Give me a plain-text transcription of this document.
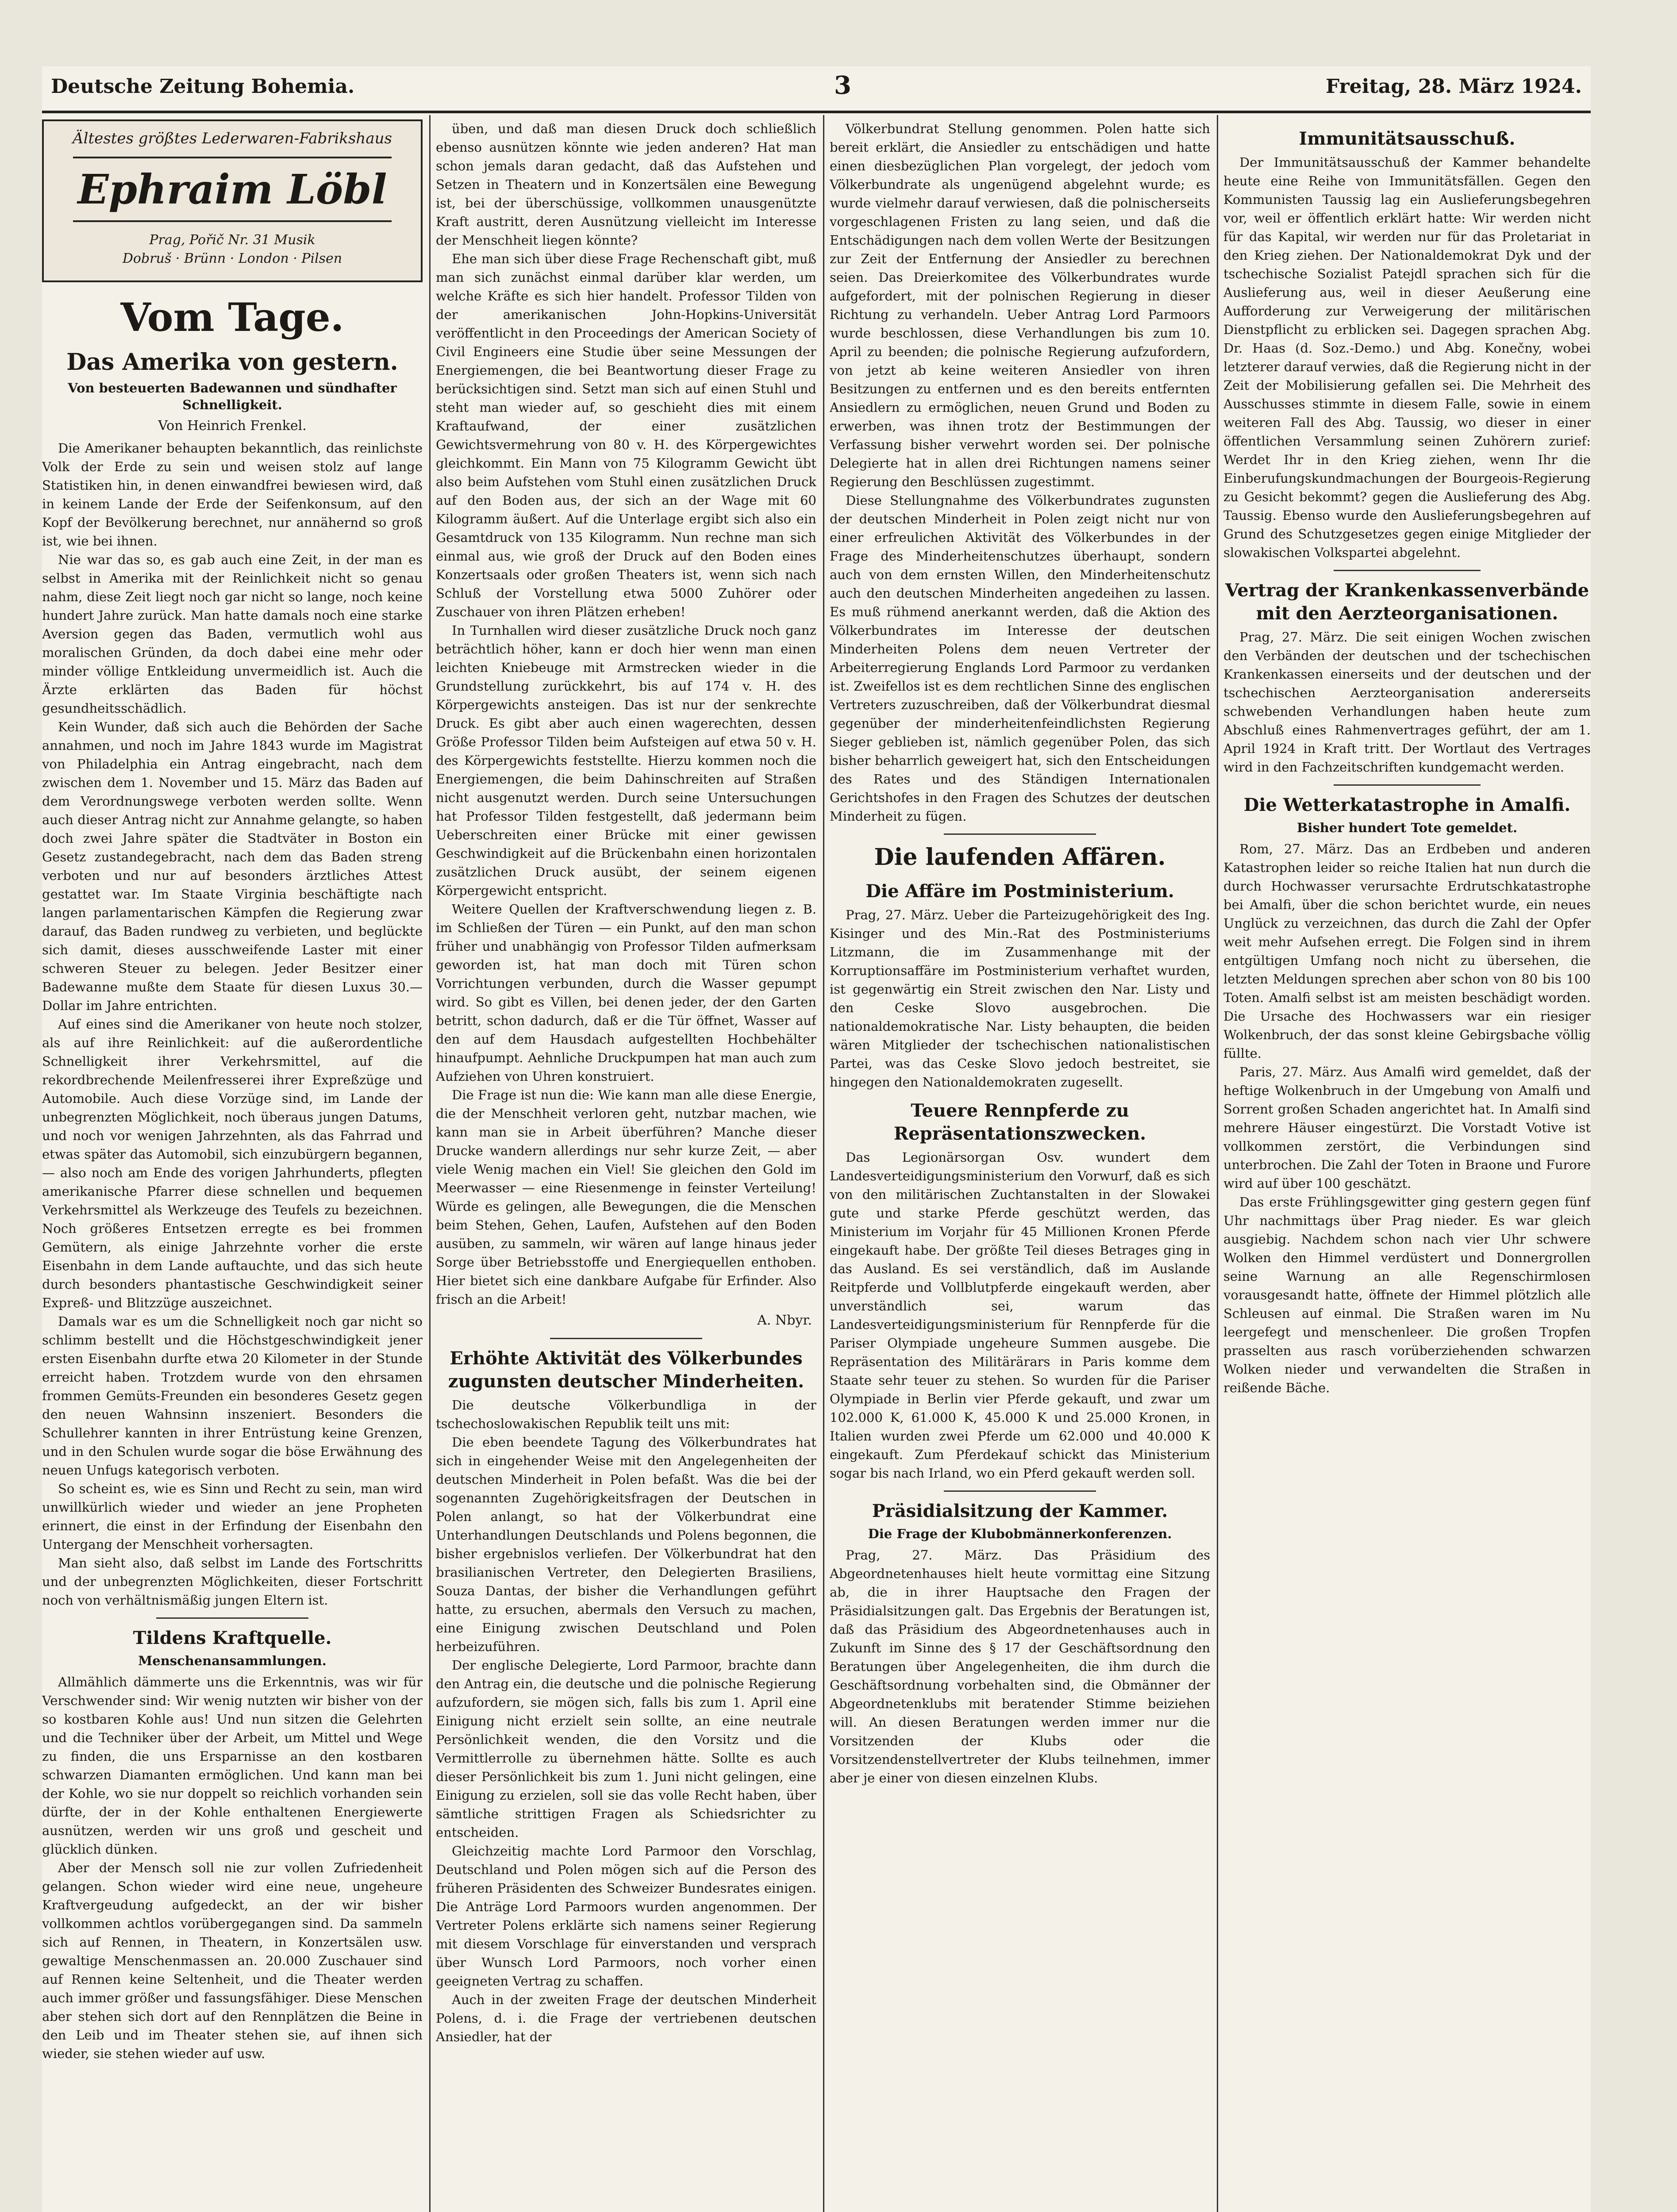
Deutsche Zeitung Bohemia.	3	Freitag, 28. März 1924.
Ältestes größtes Lederwaren-Fabrikshaus
Ephraim Löbl
Prag, Pořič Nr. 31 Musik
Dobruš · Brünn · London · Pilsen
Vom Tage.
Das Amerika von gestern.
Von besteuerten Badewannen und sündhafter Schnelligkeit.
Von Heinrich Frenkel.

Die Amerikaner behaupten bekanntlich, das reinlichste Volk der Erde zu sein und weisen stolz auf lange Statistiken hin, in denen einwandfrei bewiesen wird, daß in keinem Lande der Erde der Seifenkonsum, auf den Kopf der Bevölkerung berechnet, nur annähernd so groß ist, wie bei ihnen.

Nie war das so, es gab auch eine Zeit, in der man es selbst in Amerika mit der Reinlichkeit nicht so genau nahm, diese Zeit liegt noch gar nicht so lange, noch keine hundert Jahre zurück. Man hatte damals noch eine starke Aversion gegen das Baden, vermutlich wohl aus moralischen Gründen, da doch dabei eine mehr oder minder völlige Entkleidung unvermeidlich ist. Auch die Ärzte erklärten das Baden für höchst gesundheitsschädlich.

Kein Wunder, daß sich auch die Behörden der Sache annahmen, und noch im Jahre 1843 wurde im Magistrat von Philadelphia ein Antrag eingebracht, nach dem zwischen dem 1. November und 15. März das Baden auf dem Verordnungswege verboten werden sollte. Wenn auch dieser Antrag nicht zur Annahme gelangte, so haben doch zwei Jahre später die Stadtväter in Boston ein Gesetz zustandegebracht, nach dem das Baden streng verboten und nur auf besonders ärztliches Attest gestattet war. Im Staate Virginia beschäftigte nach langen parlamentarischen Kämpfen die Regierung zwar darauf, das Baden rundweg zu verbieten, und beglückte sich damit, dieses ausschweifende Laster mit einer schweren Steuer zu belegen. Jeder Besitzer einer Badewanne mußte dem Staate für diesen Luxus 30.— Dollar im Jahre entrichten.

Auf eines sind die Amerikaner von heute noch stolzer, als auf ihre Reinlichkeit: auf die außerordentliche Schnelligkeit ihrer Verkehrsmittel, auf die rekordbrechende Meilenfresserei ihrer Expreßzüge und Automobile. Auch diese Vorzüge sind, im Lande der unbegrenzten Möglichkeit, noch überaus jungen Datums, und noch vor wenigen Jahrzehnten, als das Fahrrad und etwas später das Automobil, sich einzubürgern begannen, — also noch am Ende des vorigen Jahrhunderts, pflegten amerikanische Pfarrer diese schnellen und bequemen Verkehrsmittel als Werkzeuge des Teufels zu bezeichnen. Noch größeres Entsetzen erregte es bei frommen Gemütern, als einige Jahrzehnte vorher die erste Eisenbahn in dem Lande auftauchte, und das sich heute durch besonders phantastische Geschwindigkeit seiner Expreß- und Blitzzüge auszeichnet.

Damals war es um die Schnelligkeit noch gar nicht so schlimm bestellt und die Höchstgeschwindigkeit jener ersten Eisenbahn durfte etwa 20 Kilometer in der Stunde erreicht haben. Trotzdem wurde von den ehrsamen frommen Gemüts-Freunden ein besonderes Gesetz gegen den neuen Wahnsinn inszeniert. Besonders die Schullehrer kannten in ihrer Entrüstung keine Grenzen, und in den Schulen wurde sogar die böse Erwähnung des neuen Unfugs kategorisch verboten.

So scheint es, wie es Sinn und Recht zu sein, man wird unwillkürlich wieder und wieder an jene Propheten erinnert, die einst in der Erfindung der Eisenbahn den Untergang der Menschheit vorhersagten.

Man sieht also, daß selbst im Lande des Fortschritts und der unbegrenzten Möglichkeiten, dieser Fortschritt noch von verhältnismäßig jungen Eltern ist.

Tildens Kraftquelle.
Menschenansammlungen.

Allmählich dämmerte uns die Erkenntnis, was wir für Verschwender sind: Wir wenig nutzten wir bisher von der so kostbaren Kohle aus! Und nun sitzen die Gelehrten und die Techniker über der Arbeit, um Mittel und Wege zu finden, die uns Ersparnisse an den kostbaren schwarzen Diamanten ermöglichen. Und kann man bei der Kohle, wo sie nur doppelt so reichlich vorhanden sein dürfte, der in der Kohle enthaltenen Energiewerte ausnützen, werden wir uns groß und gescheit und glücklich dünken.

Aber der Mensch soll nie zur vollen Zufriedenheit gelangen. Schon wieder wird eine neue, ungeheure Kraftvergeudung aufgedeckt, an der wir bisher vollkommen achtlos vorübergegangen sind. Da sammeln sich auf Rennen, in Theatern, in Konzertsälen usw. gewaltige Menschenmassen an. 20.000 Zuschauer sind auf Rennen keine Seltenheit, und die Theater werden auch immer größer und fassungsfähiger. Diese Menschen aber stehen sich dort auf den Rennplätzen die Beine in den Leib und im Theater stehen sie, auf ihnen sich wieder, sie stehen wieder auf usw.

üben, und daß man diesen Druck doch schließlich ebenso ausnützen könnte wie jeden anderen? Hat man schon jemals daran gedacht, daß das Aufstehen und Setzen in Theatern und in Konzertsälen eine Bewegung ist, bei der überschüssige, vollkommen unausgenützte Kraft austritt, deren Ausnützung vielleicht im Interesse der Menschheit liegen könnte?

Ehe man sich über diese Frage Rechenschaft gibt, muß man sich zunächst einmal darüber klar werden, um welche Kräfte es sich hier handelt. Professor Tilden von der amerikanischen John-Hopkins-Universität veröffentlicht in den Proceedings der American Society of Civil Engineers eine Studie über seine Messungen der Energiemengen, die bei Beantwortung dieser Frage zu berücksichtigen sind. Setzt man sich auf einen Stuhl und steht man wieder auf, so geschieht dies mit einem Kraftaufwand, der einer zusätzlichen Gewichtsvermehrung von 80 v. H. des Körpergewichtes gleichkommt. Ein Mann von 75 Kilogramm Gewicht übt also beim Aufstehen vom Stuhl einen zusätzlichen Druck auf den Boden aus, der sich an der Wage mit 60 Kilogramm äußert. Auf die Unterlage ergibt sich also ein Gesamtdruck von 135 Kilogramm. Nun rechne man sich einmal aus, wie groß der Druck auf den Boden eines Konzertsaals oder großen Theaters ist, wenn sich nach Schluß der Vorstellung etwa 5000 Zuhörer oder Zuschauer von ihren Plätzen erheben!

In Turnhallen wird dieser zusätzliche Druck noch ganz beträchtlich höher, kann er doch hier wenn man einen leichten Kniebeuge mit Armstrecken wieder in die Grundstellung zurückkehrt, bis auf 174 v. H. des Körpergewichts ansteigen. Das ist nur der senkrechte Druck. Es gibt aber auch einen wagerechten, dessen Größe Professor Tilden beim Aufsteigen auf etwa 50 v. H. des Körpergewichts feststellte. Hierzu kommen noch die Energiemengen, die beim Dahinschreiten auf Straßen nicht ausgenutzt werden. Durch seine Untersuchungen hat Professor Tilden festgestellt, daß jedermann beim Ueberschreiten einer Brücke mit einer gewissen Geschwindigkeit auf die Brückenbahn einen horizontalen zusätzlichen Druck ausübt, der seinem eigenen Körpergewicht entspricht.

Weitere Quellen der Kraftverschwendung liegen z. B. im Schließen der Türen — ein Punkt, auf den man schon früher und unabhängig von Professor Tilden aufmerksam geworden ist, hat man doch mit Türen schon Vorrichtungen verbunden, durch die Wasser gepumpt wird. So gibt es Villen, bei denen jeder, der den Garten betritt, schon dadurch, daß er die Tür öffnet, Wasser auf den auf dem Hausdach aufgestellten Hochbehälter hinaufpumpt. Aehnliche Druckpumpen hat man auch zum Aufziehen von Uhren konstruiert.

Die Frage ist nun die: Wie kann man alle diese Energie, die der Menschheit verloren geht, nutzbar machen, wie kann man sie in Arbeit überführen? Manche dieser Drucke wandern allerdings nur sehr kurze Zeit, — aber viele Wenig machen ein Viel! Sie gleichen den Gold im Meerwasser — eine Riesenmenge in feinster Verteilung! Würde es gelingen, alle Bewegungen, die die Menschen beim Stehen, Gehen, Laufen, Aufstehen auf den Boden ausüben, zu sammeln, wir wären auf lange hinaus jeder Sorge über Betriebsstoffe und Energiequellen enthoben. Hier bietet sich eine dankbare Aufgabe für Erfinder. Also frisch an die Arbeit!

A. Nbyr.
Erhöhte Aktivität des Völkerbundes zugunsten deutscher Minderheiten.

Die deutsche Völkerbundliga in der tschechoslowakischen Republik teilt uns mit:

Die eben beendete Tagung des Völkerbundrates hat sich in eingehender Weise mit den Angelegenheiten der deutschen Minderheit in Polen befaßt. Was die bei der sogenannten Zugehörigkeitsfragen der Deutschen in Polen anlangt, so hat der Völkerbundrat eine Unterhandlungen Deutschlands und Polens begonnen, die bisher ergebnislos verliefen. Der Völkerbundrat hat den brasilianischen Vertreter, den Delegierten Brasiliens, Souza Dantas, der bisher die Verhandlungen geführt hatte, zu ersuchen, abermals den Versuch zu machen, eine Einigung zwischen Deutschland und Polen herbeizuführen.

Der englische Delegierte, Lord Parmoor, brachte dann den Antrag ein, die deutsche und die polnische Regierung aufzufordern, sie mögen sich, falls bis zum 1. April eine Einigung nicht erzielt sein sollte, an eine neutrale Persönlichkeit wenden, die den Vorsitz und die Vermittlerrolle zu übernehmen hätte. Sollte es auch dieser Persönlichkeit bis zum 1. Juni nicht gelingen, eine Einigung zu erzielen, soll sie das volle Recht haben, über sämtliche strittigen Fragen als Schiedsrichter zu entscheiden.

Gleichzeitig machte Lord Parmoor den Vorschlag, Deutschland und Polen mögen sich auf die Person des früheren Präsidenten des Schweizer Bundesrates einigen. Die Anträge Lord Parmoors wurden angenommen. Der Vertreter Polens erklärte sich namens seiner Regierung mit diesem Vorschlage für einverstanden und versprach über Wunsch Lord Parmoors, noch vorher einen geeigneten Vertrag zu schaffen.

Auch in der zweiten Frage der deutschen Minderheit Polens, d. i. die Frage der vertriebenen deutschen Ansiedler, hat der

Völkerbundrat Stellung genommen. Polen hatte sich bereit erklärt, die Ansiedler zu entschädigen und hatte einen diesbezüglichen Plan vorgelegt, der jedoch vom Völkerbundrate als ungenügend abgelehnt wurde; es wurde vielmehr darauf verwiesen, daß die polnischerseits vorgeschlagenen Fristen zu lang seien, und daß die Entschädigungen nach dem vollen Werte der Besitzungen zur Zeit der Entfernung der Ansiedler zu berechnen seien. Das Dreierkomitee des Völkerbundrates wurde aufgefordert, mit der polnischen Regierung in dieser Richtung zu verhandeln. Ueber Antrag Lord Parmoors wurde beschlossen, diese Verhandlungen bis zum 10. April zu beenden; die polnische Regierung aufzufordern, von jetzt ab keine weiteren Ansiedler von ihren Besitzungen zu entfernen und es den bereits entfernten Ansiedlern zu ermöglichen, neuen Grund und Boden zu erwerben, was ihnen trotz der Bestimmungen der Verfassung bisher verwehrt worden sei. Der polnische Delegierte hat in allen drei Richtungen namens seiner Regierung den Beschlüssen zugestimmt.

Diese Stellungnahme des Völkerbundrates zugunsten der deutschen Minderheit in Polen zeigt nicht nur von einer erfreulichen Aktivität des Völkerbundes in der Frage des Minderheitenschutzes überhaupt, sondern auch von dem ernsten Willen, den Minderheitenschutz auch den deutschen Minderheiten angedeihen zu lassen. Es muß rühmend anerkannt werden, daß die Aktion des Völkerbundrates im Interesse der deutschen Minderheiten Polens dem neuen Vertreter der Arbeiterregierung Englands Lord Parmoor zu verdanken ist. Zweifellos ist es dem rechtlichen Sinne des englischen Vertreters zuzuschreiben, daß der Völkerbundrat diesmal gegenüber der minderheitenfeindlichsten Regierung Sieger geblieben ist, nämlich gegenüber Polen, das sich bisher beharrlich geweigert hat, sich den Entscheidungen des Rates und des Ständigen Internationalen Gerichtshofes in den Fragen des Schutzes der deutschen Minderheit zu fügen.

Die laufenden Affären.
Die Affäre im Postministerium.

Prag, 27. März. Ueber die Parteizugehörigkeit des Ing. Kisinger und des Min.-Rat des Postministeriums Litzmann, die im Zusammenhange mit der Korruptionsaffäre im Postministerium verhaftet wurden, ist gegenwärtig ein Streit zwischen den Nar. Listy und den Ceske Slovo ausgebrochen. Die nationaldemokratische Nar. Listy behaupten, die beiden wären Mitglieder der tschechischen nationalistischen Partei, was das Ceske Slovo jedoch bestreitet, sie hingegen den Nationaldemokraten zugesellt.

Teuere Rennpferde zu Repräsentationszwecken.

Das Legionärsorgan Osv. wundert dem Landesverteidigungsministerium den Vorwurf, daß es sich von den militärischen Zuchtanstalten in der Slowakei gute und starke Pferde geschützt werden, das Ministerium im Vorjahr für 45 Millionen Kronen Pferde eingekauft habe. Der größte Teil dieses Betrages ging in das Ausland. Es sei verständlich, daß im Auslande Reitpferde und Vollblutpferde eingekauft werden, aber unverständlich sei, warum das Landesverteidigungsministerium für Rennpferde für die Pariser Olympiade ungeheure Summen ausgebe. Die Repräsentation des Militärärars in Paris komme dem Staate sehr teuer zu stehen. So wurden für die Pariser Olympiade in Berlin vier Pferde gekauft, und zwar um 102.000 K, 61.000 K, 45.000 K und 25.000 Kronen, in Italien wurden zwei Pferde um 62.000 und 40.000 K eingekauft. Zum Pferdekauf schickt das Ministerium sogar bis nach Irland, wo ein Pferd gekauft werden soll.

Präsidialsitzung der Kammer.
Die Frage der Klubobmännerkonferenzen.

Prag, 27. März. Das Präsidium des Abgeordnetenhauses hielt heute vormittag eine Sitzung ab, die in ihrer Hauptsache den Fragen der Präsidialsitzungen galt. Das Ergebnis der Beratungen ist, daß das Präsidium des Abgeordnetenhauses auch in Zukunft im Sinne des § 17 der Geschäftsordnung den Beratungen über Angelegenheiten, die ihm durch die Geschäftsordnung vorbehalten sind, die Obmänner der Abgeordnetenklubs mit beratender Stimme beiziehen will. An diesen Beratungen werden immer nur die Vorsitzenden der Klubs oder die Vorsitzendenstellvertreter der Klubs teilnehmen, immer aber je einer von diesen einzelnen Klubs.

Immunitätsausschuß.

Der Immunitätsausschuß der Kammer behandelte heute eine Reihe von Immunitätsfällen. Gegen den Kommunisten Taussig lag ein Auslieferungsbegehren vor, weil er öffentlich erklärt hatte: Wir werden nicht für das Kapital, wir werden nur für das Proletariat in den Krieg ziehen. Der Nationaldemokrat Dyk und der tschechische Sozialist Patejdl sprachen sich für die Auslieferung aus, weil in dieser Aeußerung eine Aufforderung zur Verweigerung der militärischen Dienstpflicht zu erblicken sei. Dagegen sprachen Abg. Dr. Haas (d. Soz.-Demo.) und Abg. Konečny, wobei letzterer darauf verwies, daß die Regierung nicht in der Zeit der Mobilisierung gefallen sei. Die Mehrheit des Ausschusses stimmte in diesem Falle, sowie in einem weiteren Fall des Abg. Taussig, wo dieser in einer öffentlichen Versammlung seinen Zuhörern zurief: Werdet Ihr in den Krieg ziehen, wenn Ihr die Einberufungskundmachungen der Bourgeois-Regierung zu Gesicht bekommt? gegen die Auslieferung des Abg. Taussig. Ebenso wurde den Auslieferungsbegehren auf Grund des Schutzgesetzes gegen einige Mitglieder der slowakischen Volkspartei abgelehnt.

Vertrag der Krankenkassenverbände mit den Aerzteorganisationen.

Prag, 27. März. Die seit einigen Wochen zwischen den Verbänden der deutschen und der tschechischen Krankenkassen einerseits und der deutschen und der tschechischen Aerzteorganisation andererseits schwebenden Verhandlungen haben heute zum Abschluß eines Rahmenvertrages geführt, der am 1. April 1924 in Kraft tritt. Der Wortlaut des Vertrages wird in den Fachzeitschriften kundgemacht werden.

Die Wetterkatastrophe in Amalfi.
Bisher hundert Tote gemeldet.

Rom, 27. März. Das an Erdbeben und anderen Katastrophen leider so reiche Italien hat nun durch die durch Hochwasser verursachte Erdrutschkatastrophe bei Amalfi, über die schon berichtet wurde, ein neues Unglück zu verzeichnen, das durch die Zahl der Opfer weit mehr Aufsehen erregt. Die Folgen sind in ihrem entgültigen Umfang noch nicht zu übersehen, die letzten Meldungen sprechen aber schon von 80 bis 100 Toten. Amalfi selbst ist am meisten beschädigt worden. Die Ursache des Hochwassers war ein riesiger Wolkenbruch, der das sonst kleine Gebirgsbache völlig füllte.

Paris, 27. März. Aus Amalfi wird gemeldet, daß der heftige Wolkenbruch in der Umgebung von Amalfi und Sorrent großen Schaden angerichtet hat. In Amalfi sind mehrere Häuser eingestürzt. Die Vorstadt Votive ist vollkommen zerstört, die Verbindungen sind unterbrochen. Die Zahl der Toten in Braone und Furore wird auf über 100 geschätzt.

Das erste Frühlingsgewitter ging gestern gegen fünf Uhr nachmittags über Prag nieder. Es war gleich ausgiebig. Nachdem schon nach vier Uhr schwere Wolken den Himmel verdüstert und Donnergrollen seine Warnung an alle Regenschirmlosen vorausgesandt hatte, öffnete der Himmel plötzlich alle Schleusen auf einmal. Die Straßen waren im Nu leergefegt und menschenleer. Die großen Tropfen prasselten aus rasch vorüberziehenden schwarzen Wolken nieder und verwandelten die Straßen in reißende Bäche.
